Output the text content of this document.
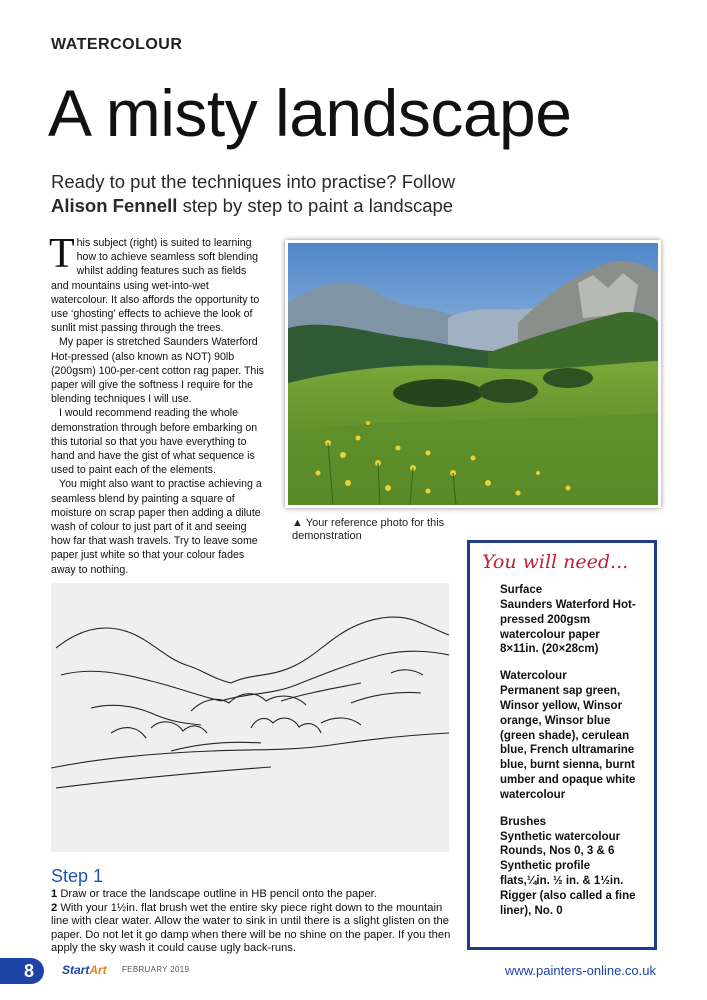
WATERCOLOUR
A misty landscape
Ready to put the techniques into practise? Follow
Alison Fennell step by step to paint a landscape

This subject (right) is suited to learning how to achieve seamless soft blending whilst adding features such as fields and mountains using wet-into-wet watercolour. It also affords the opportunity to use ‘ghosting’ effects to achieve the look of sunlit mist passing through the trees.

My paper is stretched Saunders Waterford Hot-pressed (also known as NOT) 90lb (200gsm) 100-per-cent cotton rag paper. This paper will give the softness I require for the blending techniques I will use.

I would recommend reading the whole demonstration through before embarking on this tutorial so that you have everything to hand and have the gist of what sequence is used to paint each of the elements.

You might also want to practise achieving a seamless blend by painting a square of moisture on scrap paper then adding a dilute wash of colour to just part of it and seeing how far that wash travels. Try to leave some paper just white so that your colour fades away to nothing.

▲ Your reference photo for this demonstration
You will need...
Surface

Saunders Waterford Hot-pressed 200gsm watercolour paper 8×11in. (20×28cm)

Watercolour

Permanent sap green, Winsor yellow, Winsor orange, Winsor blue (green shade), cerulean blue, French ultramarine blue, burnt sienna, burnt umber and opaque white watercolour

Brushes

Synthetic watercolour Rounds, Nos 0, 3 & 6 Synthetic profile flats,¼in. ½ in. & 1½in. Rigger (also called a fine liner), No. 0

Step 1

1 Draw or trace the landscape outline in HB pencil onto the paper.

2 With your 1½in. flat brush wet the entire sky piece right down to the mountain line with clear water. Allow the water to sink in until there is a slight glisten on the paper. Do not let it go damp when there will be no shine on the paper. If you then apply the sky wash it could cause ugly back-runs.

8	StartArt FEBRUARY 2019	www.painters-online.co.uk
